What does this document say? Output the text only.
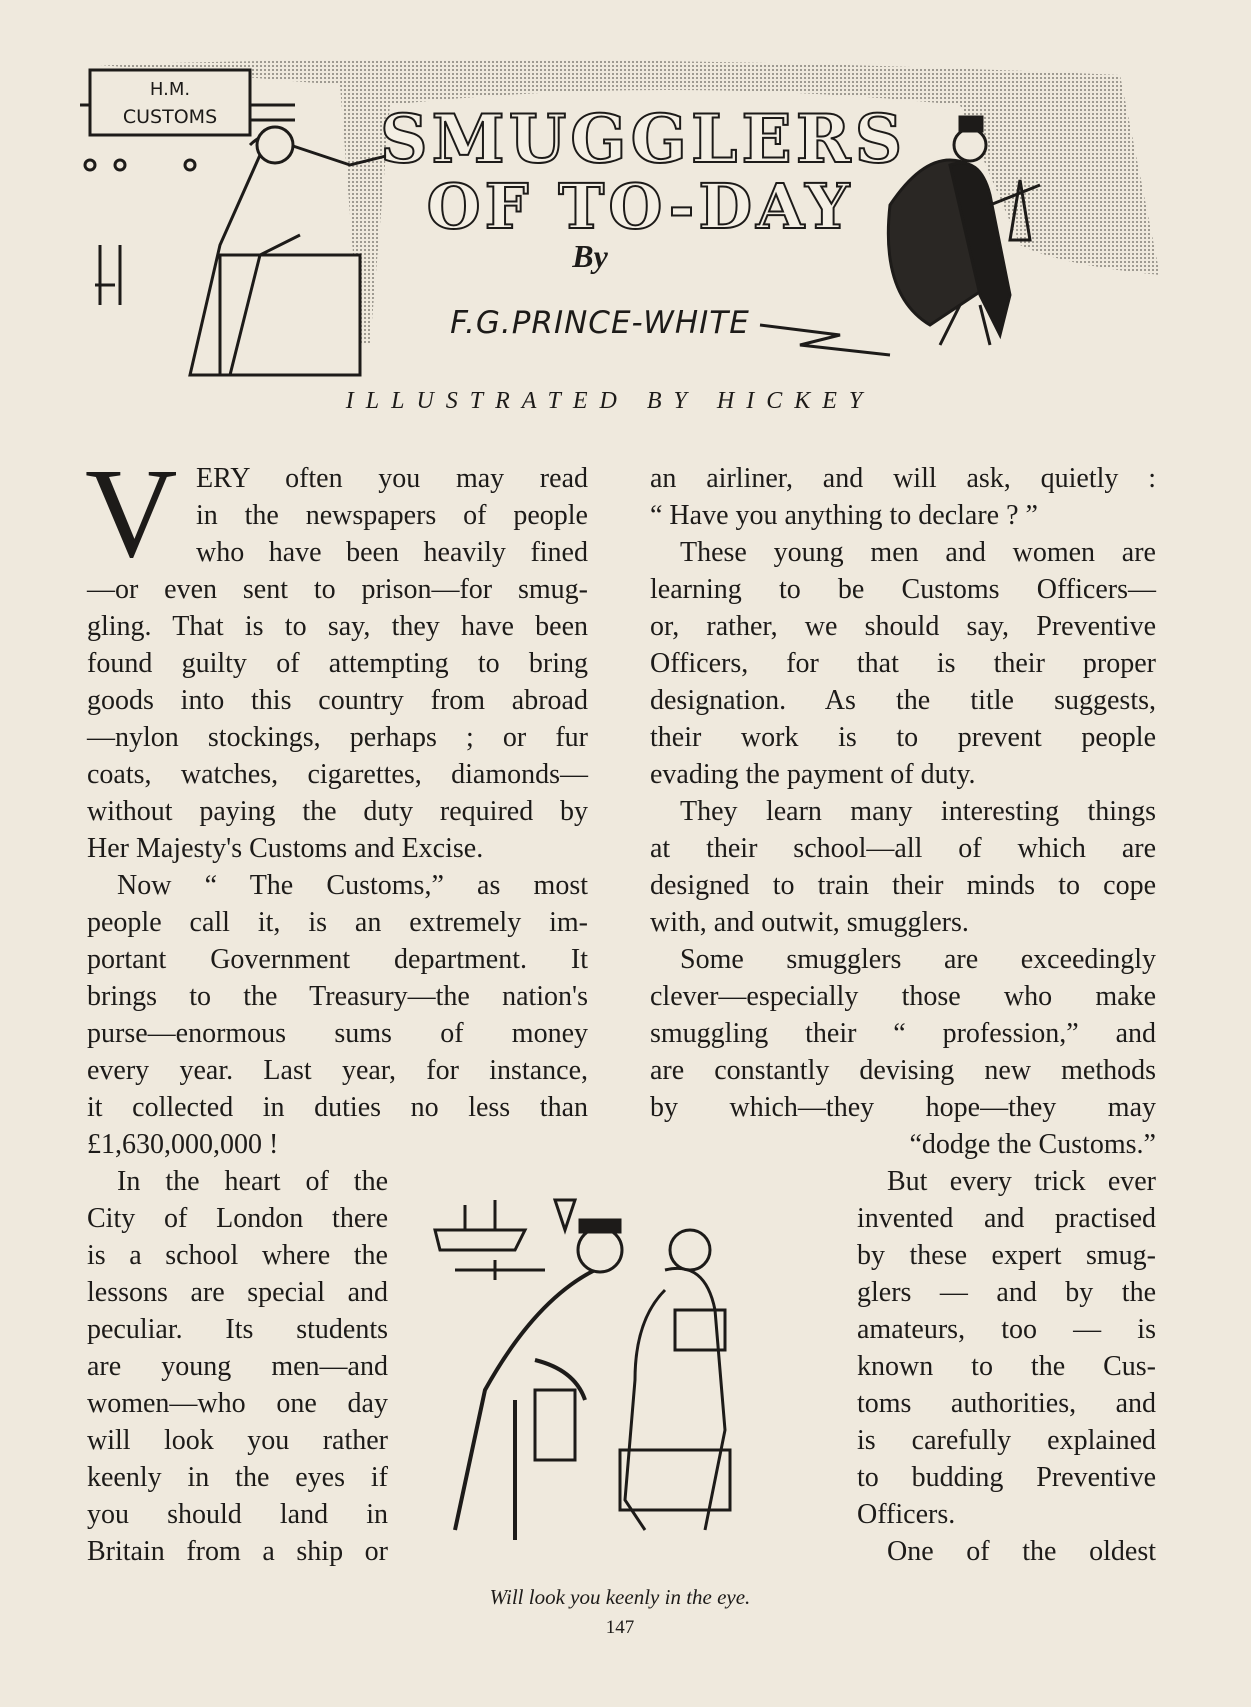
H.M.
CUSTOMS SMUGGLERS
OF TO-DAY
By
F.G.PRINCE-WHITE
ILLUSTRATED BY HICKEY
V ERY often you may read
in the newspapers of people
who have been heavily fined
—or even sent to prison—for smug-
gling. That is to say, they have been
found guilty of attempting to bring
goods into this country from abroad
—nylon stockings, perhaps ; or fur
coats, watches, cigarettes, diamonds—
without paying the duty required by
Her Majesty's Customs and Excise.
Now “ The Customs,” as most
people call it, is an extremely im-
portant Government department. It
brings to the Treasury—the nation's
purse—enormous sums of money
every year. Last year, for instance,
it collected in duties no less than
£1,630,000,000 !
In the heart of the
City of London there
is a school where the
lessons are special and
peculiar. Its students
are young men—and
women—who one day
will look you rather
keenly in the eyes if
you should land in
Britain from a ship or
an airliner, and will ask, quietly :
“ Have you anything to declare ? ”
These young men and women are
learning to be Customs Officers—
or, rather, we should say, Preventive
Officers, for that is their proper
designation. As the title suggests,
their work is to prevent people
evading the payment of duty.
They learn many interesting things
at their school—all of which are
designed to train their minds to cope
with, and outwit, smugglers.
Some smugglers are exceedingly
clever—especially those who make
smuggling their “ profession,” and
are constantly devising new methods
by which—they hope—they may
“dodge the Customs.”
But every trick ever
invented and practised
by these expert smug-
glers — and by the
amateurs, too — is
known to the Cus-
toms authorities, and
is carefully explained
to budding Preventive
Officers.
One of the oldest
Will look you keenly in the eye.
147
